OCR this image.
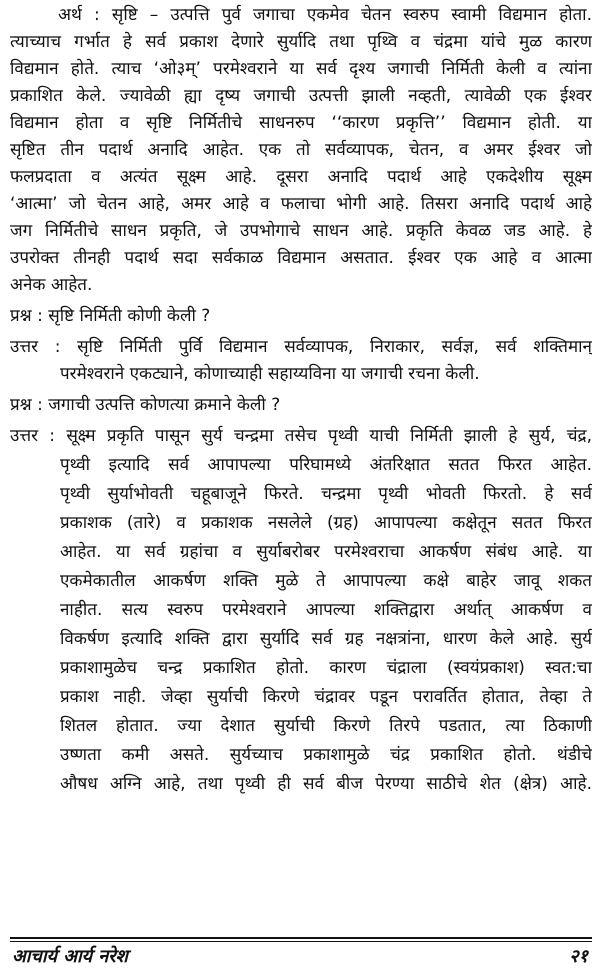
अर्थ : सृष्टि – उत्पत्ति पुर्व जगाचा एकमेव चेतन स्वरुप स्वामी विद्यमान होता.
त्याच्याच गर्भात हे सर्व प्रकाश देणारे सुर्यादि तथा पृथ्वि व चंद्रमा यांचे मुळ कारण
विद्यमान होते. त्याच ‘ओ३म्’ परमेश्वराने या सर्व दृश्य जगाची निर्मिती केली व त्यांना
प्रकाशित केले. ज्यावेळी ह्या दृष्य जगाची उत्पत्ती झाली नव्हती, त्यावेळी एक ईश्वर
विद्यमान होता व सृष्टि निर्मितीचे साधनरुप ‘‘कारण प्रकृत्ति’’ विद्यमान होती. या
सृष्टित तीन पदार्थ अनादि आहेत. एक तो सर्वव्यापक, चेतन, व अमर ईश्वर जो
फलप्रदाता व अत्यंत सूक्ष्म आहे. दूसरा अनादि पदार्थ आहे एकदेशीय सूक्ष्म
‘आत्मा’ जो चेतन आहे, अमर आहे व फलाचा भोगी आहे. तिसरा अनादि पदार्थ आहे
जग निर्मितीचे साधन प्रकृति, जे उपभोगाचे साधन आहे. प्रकृति केवळ जड आहे. हे
उपरोक्त तीनही पदार्थ सदा सर्वकाळ विद्यमान असतात. ईश्वर एक आहे व आत्मा
अनेक आहेत.
प्रश्न : सृष्टि निर्मिती कोणी केली ?
उत्तर : सृष्टि निर्मिती पुर्वि विद्यमान सर्वव्यापक, निराकार, सर्वज्ञ, सर्व शक्तिमान्
परमेश्वराने एकट्याने, कोणाच्याही सहाय्यविना या जगाची रचना केली.
प्रश्न : जगाची उत्पत्ति कोणत्या क्रमाने केली ?
उत्तर : सूक्ष्म प्रकृति पासून सुर्य चन्द्रमा तसेच पृथ्वी याची निर्मिती झाली हे सुर्य, चंद्र,
पृथ्वी इत्यादि सर्व आपापल्या परिघामध्ये अंतरिक्षात सतत फिरत आहेत.
पृथ्वी सुर्याभोवती चहूबाजूने फिरते. चन्द्रमा पृथ्वी भोवती फिरतो. हे सर्व
प्रकाशक (तारे) व प्रकाशक नसलेले (ग्रह) आपापल्या कक्षेतून सतत फिरत
आहेत. या सर्व ग्रहांचा व सुर्याबरोबर परमेश्वराचा आकर्षण संबंध आहे. या
एकमेकातील आकर्षण शक्ति मुळे ते आपापल्या कक्षे बाहेर जावू शकत
नाहीत. सत्य स्वरुप परमेश्वराने आपल्या शक्तिद्वारा अर्थात् आकर्षण व
विकर्षण इत्यादि शक्ति द्वारा सुर्यादि सर्व ग्रह नक्षत्रांना, धारण केले आहे. सुर्य
प्रकाशामुळेच चन्द्र प्रकाशित होतो. कारण चंद्राला (स्वयंप्रकाश) स्वत:चा
प्रकाश नाही. जेव्हा सुर्याची किरणे चंद्रावर पडून परावर्तित होतात, तेव्हा ते
शितल होतात. ज्या देशात सुर्याची किरणे तिरपे पडतात, त्या ठिकाणी
उष्णता कमी असते. सुर्यच्याच प्रकाशामुळे चंद्र प्रकाशित होतो. थंडीचे
औषध अग्नि आहे, तथा पृथ्वी ही सर्व बीज पेरण्या साठीचे शेत (क्षेत्र) आहे.
आचार्य आर्य नरेश	२१
